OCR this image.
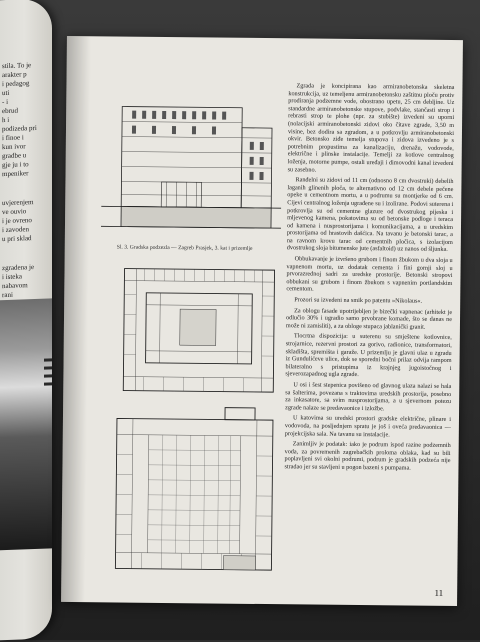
stila. To je
arakter p
i pedagog
uti
- i
ebrud
h i
podizeda pri
i finoe i
kun ivor
gradbe u
gje ju i to
mpeniker
uvjerenjem
ve ouvio
i je ovreno
i zavoden
u pri sklad
zgradena je
i isteka
nabavom
rani
Sl. 3. Gradska podzezla — Zagreb Prasjek, 3. kat i prizemlje

Zgrada je koncipirana kao armiranobetonska skeletna konstrukcija, uz temeljenu armiranobetonsku zaštitnu ploču protiv prodiranja podzemne vode, obostrano upetu, 25 cm debljine. Uz standardne armiranobetonske stupove, podvlake, stančasti strop i rebrasti strop te plohe (npr. za stubište) izvedeni su uporni (nolacijski armiranobetonski zidovi oko čitave zgrade, 3,50 m visine, bez dodira sa zgradom, a u potkrovlju armiranobetonski okvir. Betonsko ziđe temelja stupova i zidova izvedeno je s potrebnim propustima za kanalizaciju, drenažu, vodovode, električne i plinske instalacije. Temelji za kotlove centralnog loženja, motorne pumpe, ostali uređaji i dimovodni kanal izvedeni su zasebno.

Ranđelni su zidovi od 11 cm (odnosno 8 cm dvostruki) debelih laganih glinenih ploča, te alternativno od 12 cm debele pečene opeke u cementnom mortu, a u podrumu su montjerke od 6 cm. Cijevi centralnog loženja ugrađene su i izolirane. Podovi suterena i potkrovlja su od cementne glazure od dvostrukog pijeska i mljevenog kamena, pokatovima su od betonske podloge i teraca od kamena i nusprostorijama i komunikacijama, a u uredskim prostorijama od hrastovih dašćica. Na tavanu je betonski tarac, a na ravnom krovu tarac od cementnih pločica, s izolacijom dvostrukog sloja bitumenske jute (asfaltoid) uz nanos od šljunka.

Obbukavanje je izvršeno grubom i finom žbukom u dva sloja u vapnenom mortu, uz dodatak cementa i fini gornji sloj u prvorazrednoj sadri za uredske prostorije. Betonski stropovi obbukani su grubom i finom žbukom s vapnenim portlandskim cementom.

Prozori su izvedeni na smik po patentu »Nikolaus«.

Za oblogu fasade upotrijebljen je bizečki vapnenac (arhitekt je odlučio 30% i ugradio samo prvobrane komade, što se danas ne može ni zamisliti), a za oblogе stupaca jablanički granit.

Tlocrtna dispozicija: u suterenu su smještene kotlovnice, strojarnice, rezervni prostori za gorivo, radionice, transformatori, skladišta, spremišta i garaže. U prizemlju je glavni ulaz u zgradu iz Gundulićeve ulice, dok se sporedni bočni prilaz odvija rampom bilateralno s pristupima iz krajnjeg jugoistočnog i sjeverozapadnog ugla zgrade.

U osi i šest stepenica povišeno od glavnog ulaza nalazi se hala sa šalterima, povezana s traktovima uredskih prostorija, posebno za inkasatore, sa svim nusprostorijama, a u sjevernom potezu zgrade nalaze se predavaonice i izložbe.

U katovima su uredski prostori gradske električne, plinare i vodovoda, na posljednjem spratu je još i ovećа predavaonica — projekcijska sala. Na tavanu su instalacije.

Zanimljiv je podatak: iako je podrum ispod razine podzemnih voda, za povremenih zagrebačkih proloma oblaka, kad su bili poplavljeni svi okolni podrumi, podrum je gradskih podzeća nije stradao jer su stavljeni u pogon bazeni s pumpama.

11
